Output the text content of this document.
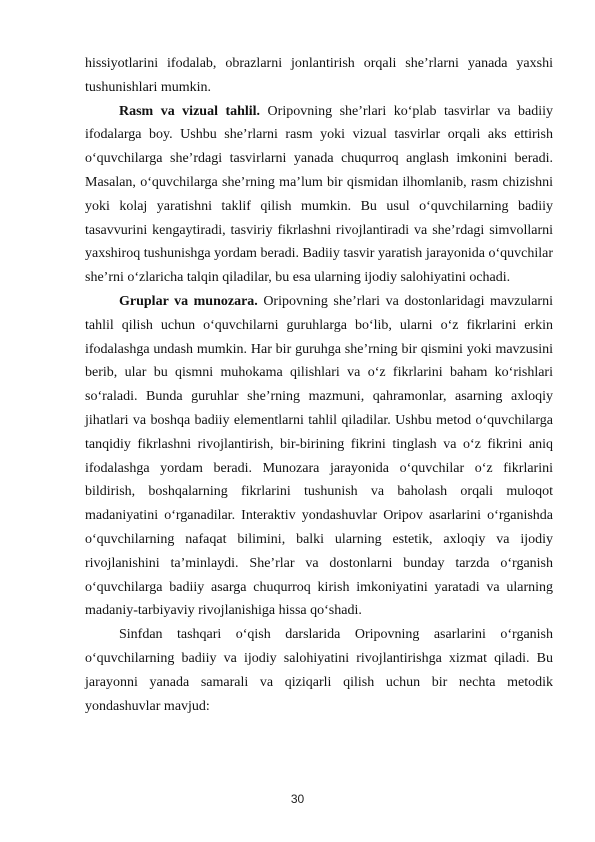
hissiyotlarini ifodalab, obrazlarni jonlantirish orqali she’rlarni yanada yaxshi tushunishlari mumkin.

Rasm va vizual tahlil. Oripovning she’rlari ko‘plab tasvirlar va badiiy ifodalarga boy. Ushbu she’rlarni rasm yoki vizual tasvirlar orqali aks ettirish o‘quvchilarga she’rdagi tasvirlarni yanada chuqurroq anglash imkonini beradi. Masalan, o‘quvchilarga she’rning ma’lum bir qismidan ilhomlanib, rasm chizishni yoki kolaj yaratishni taklif qilish mumkin. Bu usul o‘quvchilarning badiiy tasavvurini kengaytiradi, tasviriy fikrlashni rivojlantiradi va she’rdagi simvollarni yaxshiroq tushunishga yordam beradi. Badiiy tasvir yaratish jarayonida o‘quvchilar she’rni o‘zlaricha talqin qiladilar, bu esa ularning ijodiy salohiyatini ochadi.

Gruplar va munozara. Oripovning she’rlari va dostonlaridagi mavzularni tahlil qilish uchun o‘quvchilarni guruhlarga bo‘lib, ularni o‘z fikrlarini erkin ifodalashga undash mumkin. Har bir guruhga she’rning bir qismini yoki mavzusini berib, ular bu qismni muhokama qilishlari va o‘z fikrlarini baham ko‘rishlari so‘raladi. Bunda guruhlar she’rning mazmuni, qahramonlar, asarning axloqiy jihatlari va boshqa badiiy elementlarni tahlil qiladilar. Ushbu metod o‘quvchilarga tanqidiy fikrlashni rivojlantirish, bir-birining fikrini tinglash va o‘z fikrini aniq ifodalashga yordam beradi. Munozara jarayonida o‘quvchilar o‘z fikrlarini bildirish, boshqalarning fikrlarini tushunish va baholash orqali muloqot madaniyatini o‘rganadilar. Interaktiv yondashuvlar Oripov asarlarini o‘rganishda o‘quvchilarning nafaqat bilimini, balki ularning estetik, axloqiy va ijodiy rivojlanishini ta’minlaydi. She’rlar va dostonlarni bunday tarzda o‘rganish o‘quvchilarga badiiy asarga chuqurroq kirish imkoniyatini yaratadi va ularning madaniy-tarbiyaviy rivojlanishiga hissa qo‘shadi.

Sinfdan tashqari o‘qish darslarida Oripovning asarlarini o‘rganish o‘quvchilarning badiiy va ijodiy salohiyatini rivojlantirishga xizmat qiladi. Bu jarayonni yanada samarali va qiziqarli qilish uchun bir nechta metodik yondashuvlar mavjud:

30
